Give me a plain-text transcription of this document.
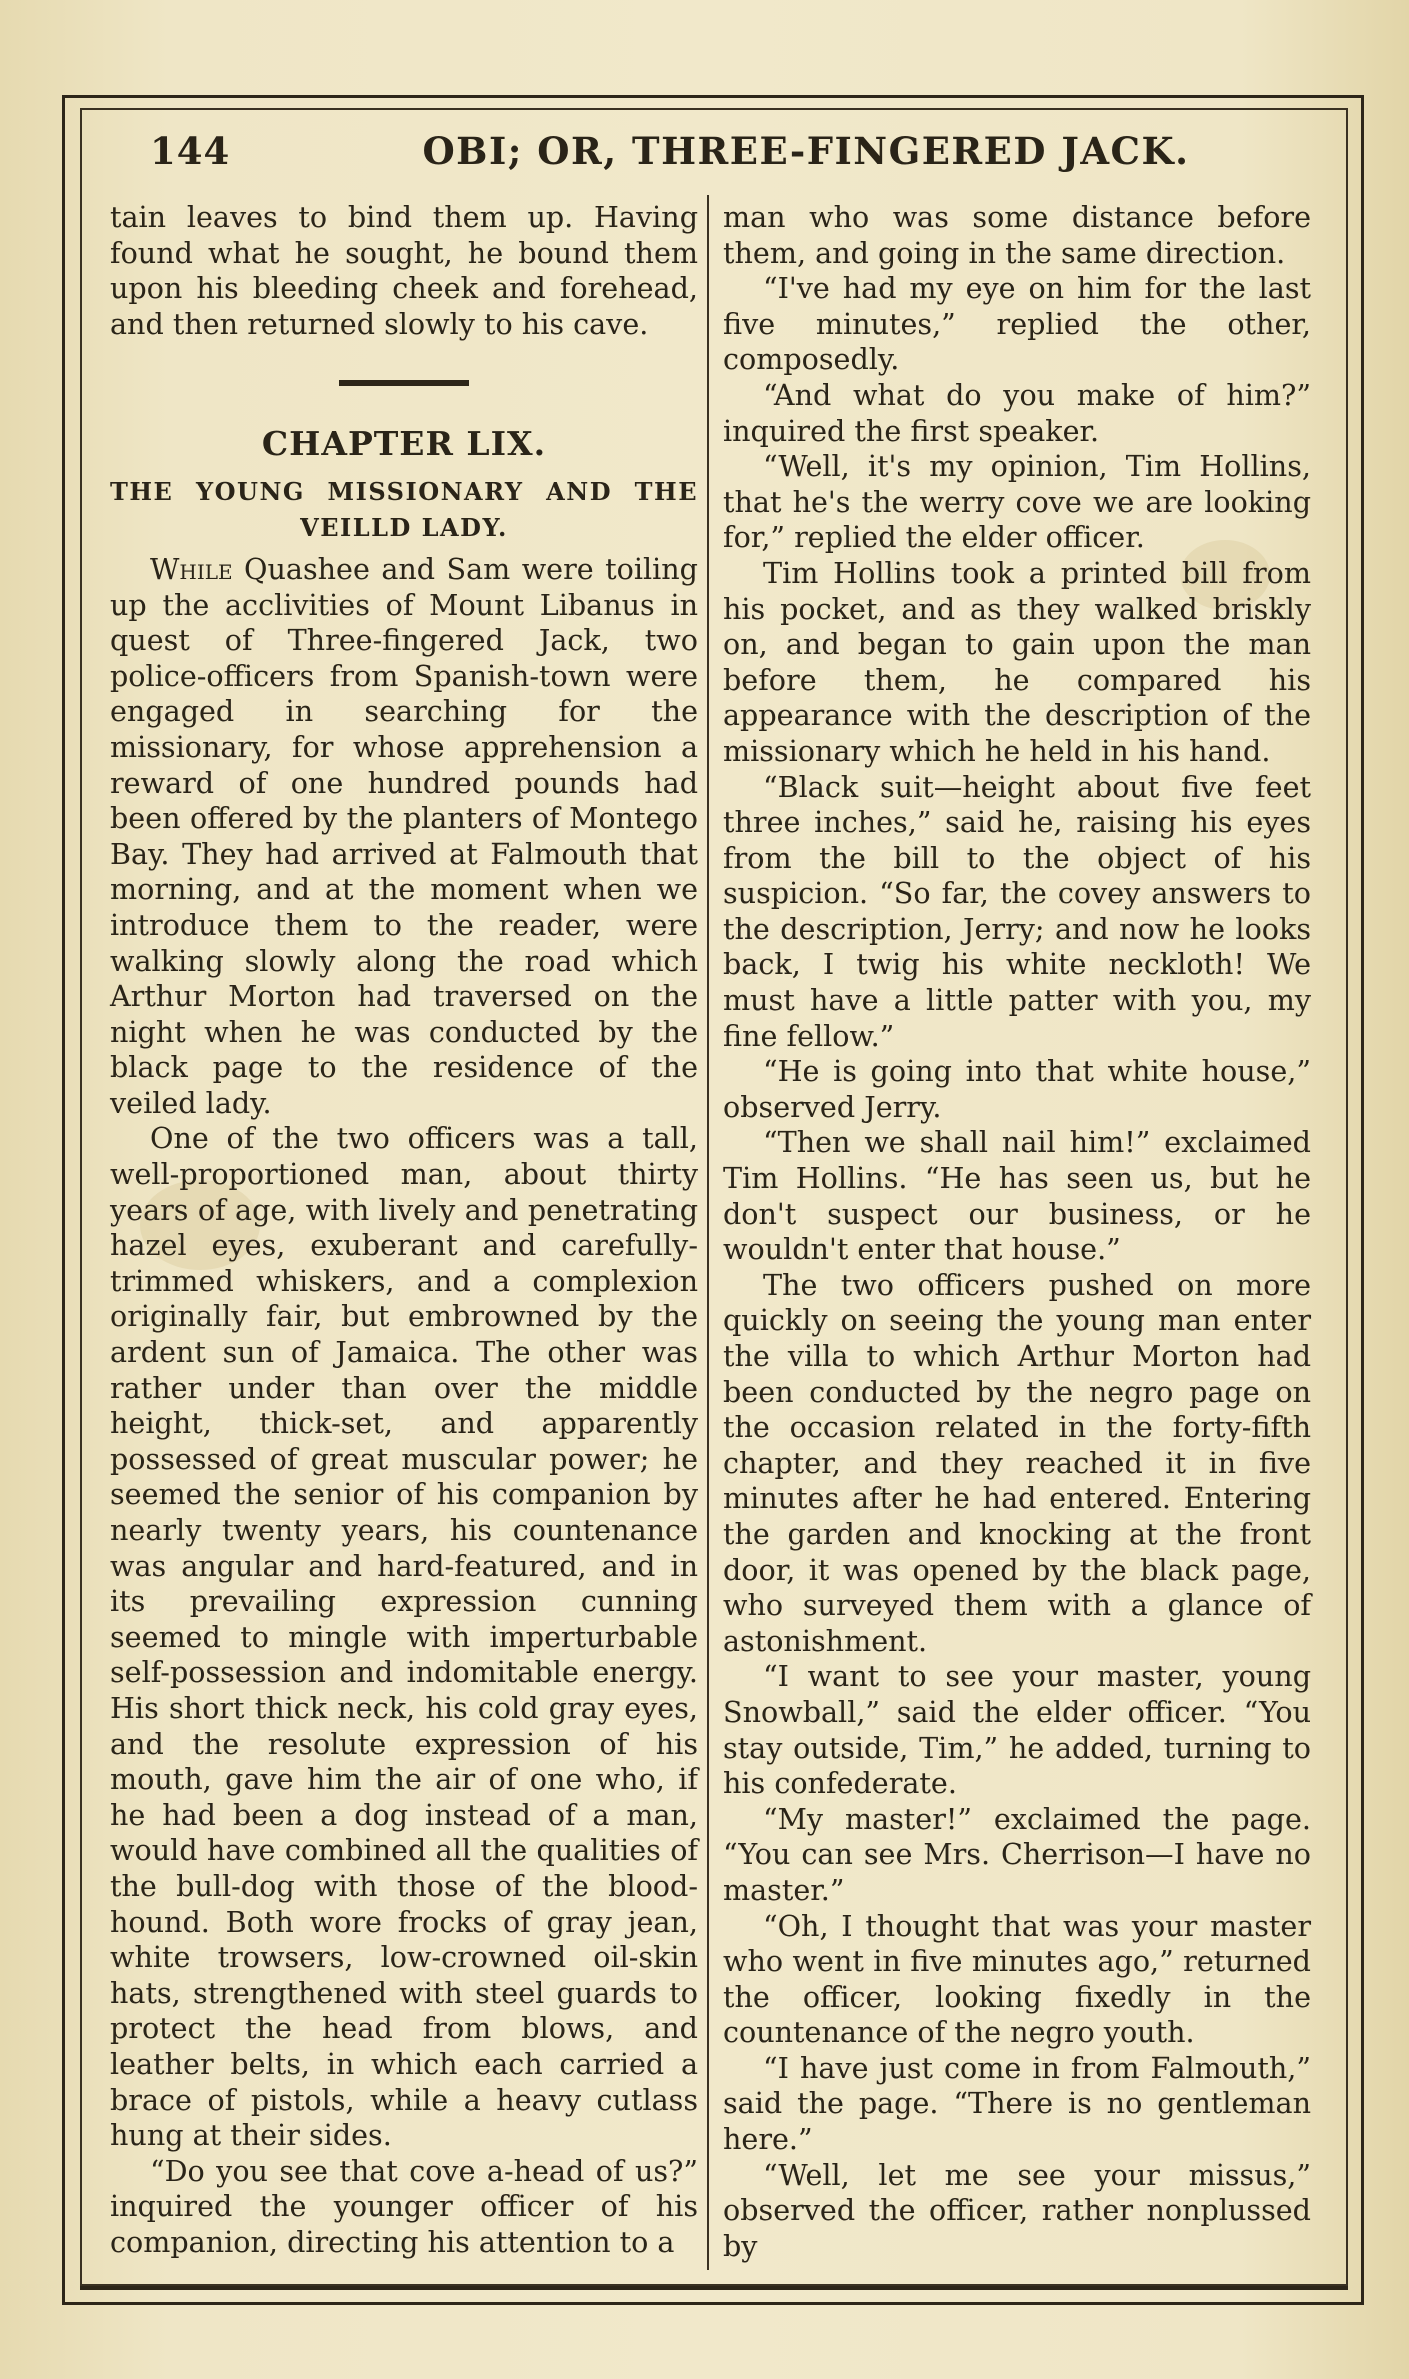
144	OBI; OR, THREE-FINGERED JACK.

tain leaves to bind them up. Having found what he sought, he bound them upon his bleeding cheek and forehead, and then returned slowly to his cave.

CHAPTER LIX.
THE YOUNG MISSIONARY AND THE VEILLD LADY.

While Quashee and Sam were toiling up the acclivities of Mount Libanus in quest of Three-fingered Jack, two police-officers from Spanish-town were engaged in searching for the missionary, for whose apprehension a reward of one hundred pounds had been offered by the planters of Montego Bay. They had arrived at Falmouth that morning, and at the moment when we introduce them to the reader, were walking slowly along the road which Arthur Morton had traversed on the night when he was conducted by the black page to the residence of the veiled lady.

One of the two officers was a tall, well-proportioned man, about thirty years of age, with lively and penetrating hazel eyes, exuberant and carefully-trimmed whiskers, and a complexion originally fair, but embrowned by the ardent sun of Jamaica. The other was rather under than over the middle height, thick-set, and apparently possessed of great muscular power; he seemed the senior of his companion by nearly twenty years, his countenance was angular and hard-featured, and in its prevailing expression cunning seemed to mingle with imperturbable self-possession and indomitable energy. His short thick neck, his cold gray eyes, and the resolute expression of his mouth, gave him the air of one who, if he had been a dog instead of a man, would have combined all the qualities of the bull-dog with those of the blood-hound. Both wore frocks of gray jean, white trowsers, low-crowned oil-skin hats, strengthened with steel guards to protect the head from blows, and leather belts, in which each carried a brace of pistols, while a heavy cutlass hung at their sides.

“Do you see that cove a-head of us?” inquired the younger officer of his companion, directing his attention to a

man who was some distance before them, and going in the same direction.

“I've had my eye on him for the last five minutes,” replied the other, composedly.

“And what do you make of him?” inquired the first speaker.

“Well, it's my opinion, Tim Hollins, that he's the werry cove we are looking for,” replied the elder officer.

Tim Hollins took a printed bill from his pocket, and as they walked briskly on, and began to gain upon the man before them, he compared his appearance with the description of the missionary which he held in his hand.

“Black suit—height about five feet three inches,” said he, raising his eyes from the bill to the object of his suspicion. “So far, the covey answers to the description, Jerry; and now he looks back, I twig his white neckloth! We must have a little patter with you, my fine fellow.”

“He is going into that white house,” observed Jerry.

“Then we shall nail him!” exclaimed Tim Hollins. “He has seen us, but he don't suspect our business, or he wouldn't enter that house.”

The two officers pushed on more quickly on seeing the young man enter the villa to which Arthur Morton had been conducted by the negro page on the occasion related in the forty-fifth chapter, and they reached it in five minutes after he had entered. Entering the garden and knocking at the front door, it was opened by the black page, who surveyed them with a glance of astonishment.

“I want to see your master, young Snowball,” said the elder officer. “You stay outside, Tim,” he added, turning to his confederate.

“My master!” exclaimed the page. “You can see Mrs. Cherrison—I have no master.”

“Oh, I thought that was your master who went in five minutes ago,” returned the officer, looking fixedly in the countenance of the negro youth.

“I have just come in from Falmouth,” said the page. “There is no gentleman here.”

“Well, let me see your missus,” observed the officer, rather nonplussed by
